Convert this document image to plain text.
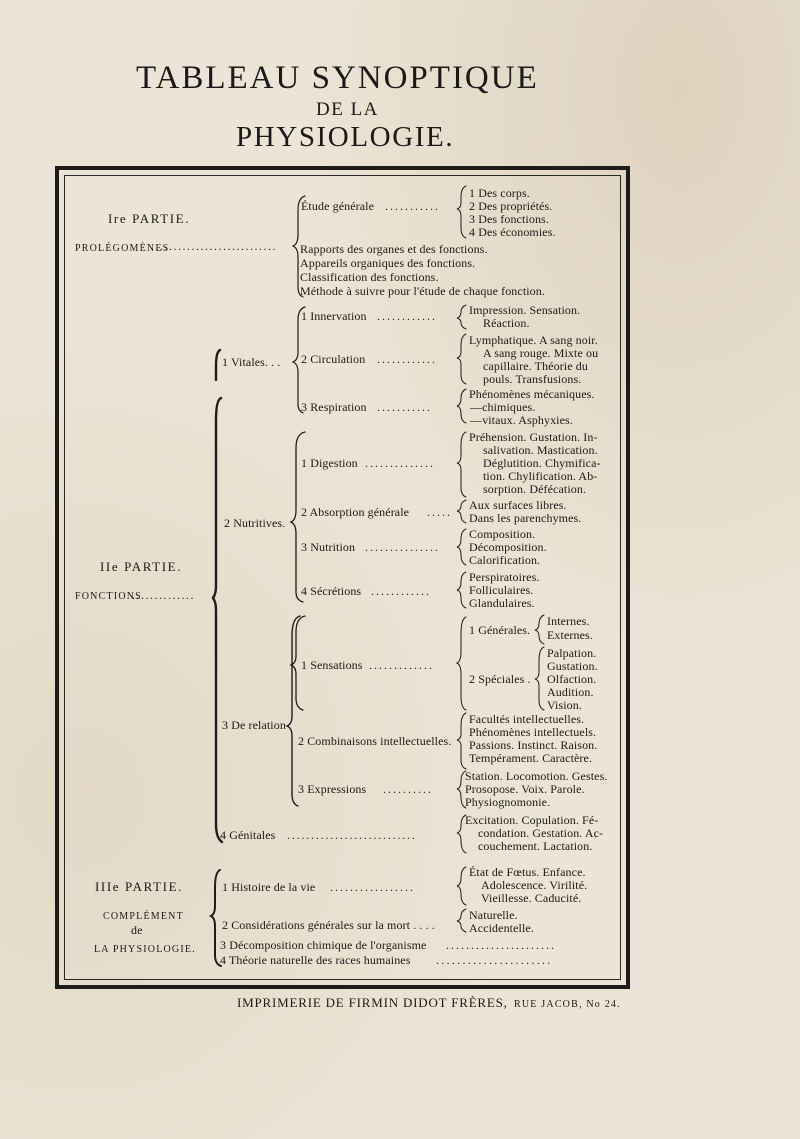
TABLEAU SYNOPTIQUE
DE LA
PHYSIOLOGIE.
Ire PARTIE.
PROLÉGOMÈNES
............................
Étude générale ...........
1 Des corps.
2 Des propriétés.
3 Des fonctions.
4 Des économies.
Rapports des organes et des fonctions.
Appareils organiques des fonctions.
Classification des fonctions.
Méthode à suivre pour l'étude de chaque fonction.
IIe PARTIE.
FONCTIONS
..............
1 Vitales. . .
1 Innervation ............	Impression. Sensation.
Réaction.
2 Circulation ............
Lymphatique. A sang noir.
A sang rouge. Mixte ou
capillaire. Théorie du
pouls. Transfusions.
3 Respiration ...........
Phénomènes mécaniques.
—chimiques.
—vitaux. Asphyxies.
2 Nutritives.
1 Digestion ..............
Préhension. Gustation. In-
salivation. Mastication.
Déglutition. Chymifica-
tion. Chylification. Ab-
sorption. Défécation.
2 Absorption générale ..... Aux surfaces libres.
Dans les parenchymes.
3 Nutrition ...............
Composition.
Décomposition.
Calorification.
4 Sécrétions ............
Perspiratoires.
Folliculaires.
Glandulaires.
3 De relation
1 Sensations .............
1 Générales.
Internes.
Externes.
2 Spéciales .
Palpation.
Gustation.
Olfaction.
Audition.
Vision.
2 Combinaisons intellectuelles.
Facultés intellectuelles.
Phénomènes intellectuels.
Passions. Instinct. Raison.
Tempérament. Caractère.
3 Expressions ..........
Station. Locomotion. Gestes.
Prosopose. Voix. Parole.
Physiognomonie.
4 Génitales ...........................
Excitation. Copulation. Fé-
condation. Gestation. Ac-
couchement. Lactation.
IIIe PARTIE.
COMPLÉMENT
de
LA PHYSIOLOGIE.
1 Histoire de la vie .................
État de Fœtus. Enfance.
Adolescence. Virilité.
Vieillesse. Caducité.
2 Considérations générales sur la mort . . . .
Naturelle.
Accidentelle.
3 Décomposition chimique de l'organisme ......................
4 Théorie naturelle des races humaines ......................
IMPRIMERIE DE FIRMIN DIDOT FRÈRES, RUE JACOB, No 24.
